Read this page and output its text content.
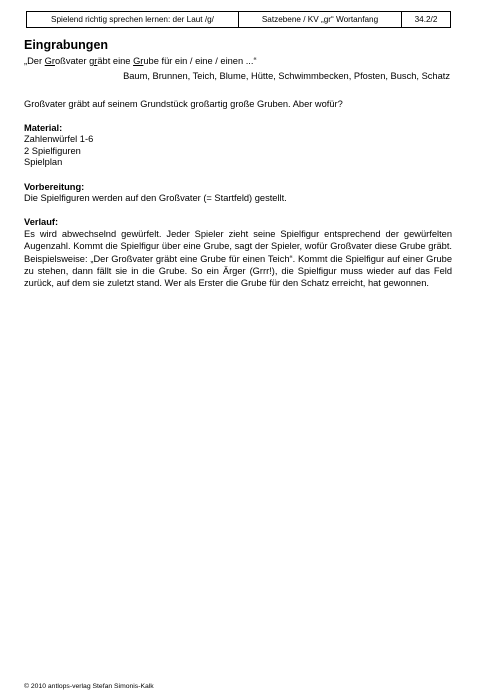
Spielend richtig sprechen lernen: der Laut /g/	Satzebene / KV „gr“ Wortanfang	34.2/2
Eingrabungen
„Der Großvater gräbt eine Grube für ein / eine / einen ...“
Baum, Brunnen, Teich, Blume, Hütte, Schwimmbecken, Pfosten, Busch, Schatz
Großvater gräbt auf seinem Grundstück großartig große Gruben. Aber wofür?
Material:
Zahlenwürfel 1-6
2 Spielfiguren
Spielplan
Vorbereitung:
Die Spielfiguren werden auf den Großvater (= Startfeld) gestellt.
Verlauf:
Es wird abwechselnd gewürfelt. Jeder Spieler zieht seine Spielfigur entsprechend der gewürfelten Augenzahl. Kommt die Spielfigur über eine Grube, sagt der Spieler, wofür Großvater diese Grube gräbt. Beispielsweise: „Der Großvater gräbt eine Grube für einen Teich“. Kommt die Spielfigur auf einer Grube zu stehen, dann fällt sie in die Grube. So ein Ärger (Grrr!), die Spielfigur muss wieder auf das Feld zurück, auf dem sie zuletzt stand. Wer als Erster die Grube für den Schatz erreicht, hat gewonnen.
© 2010 antlops-verlag Stefan Simonis-Kalk
